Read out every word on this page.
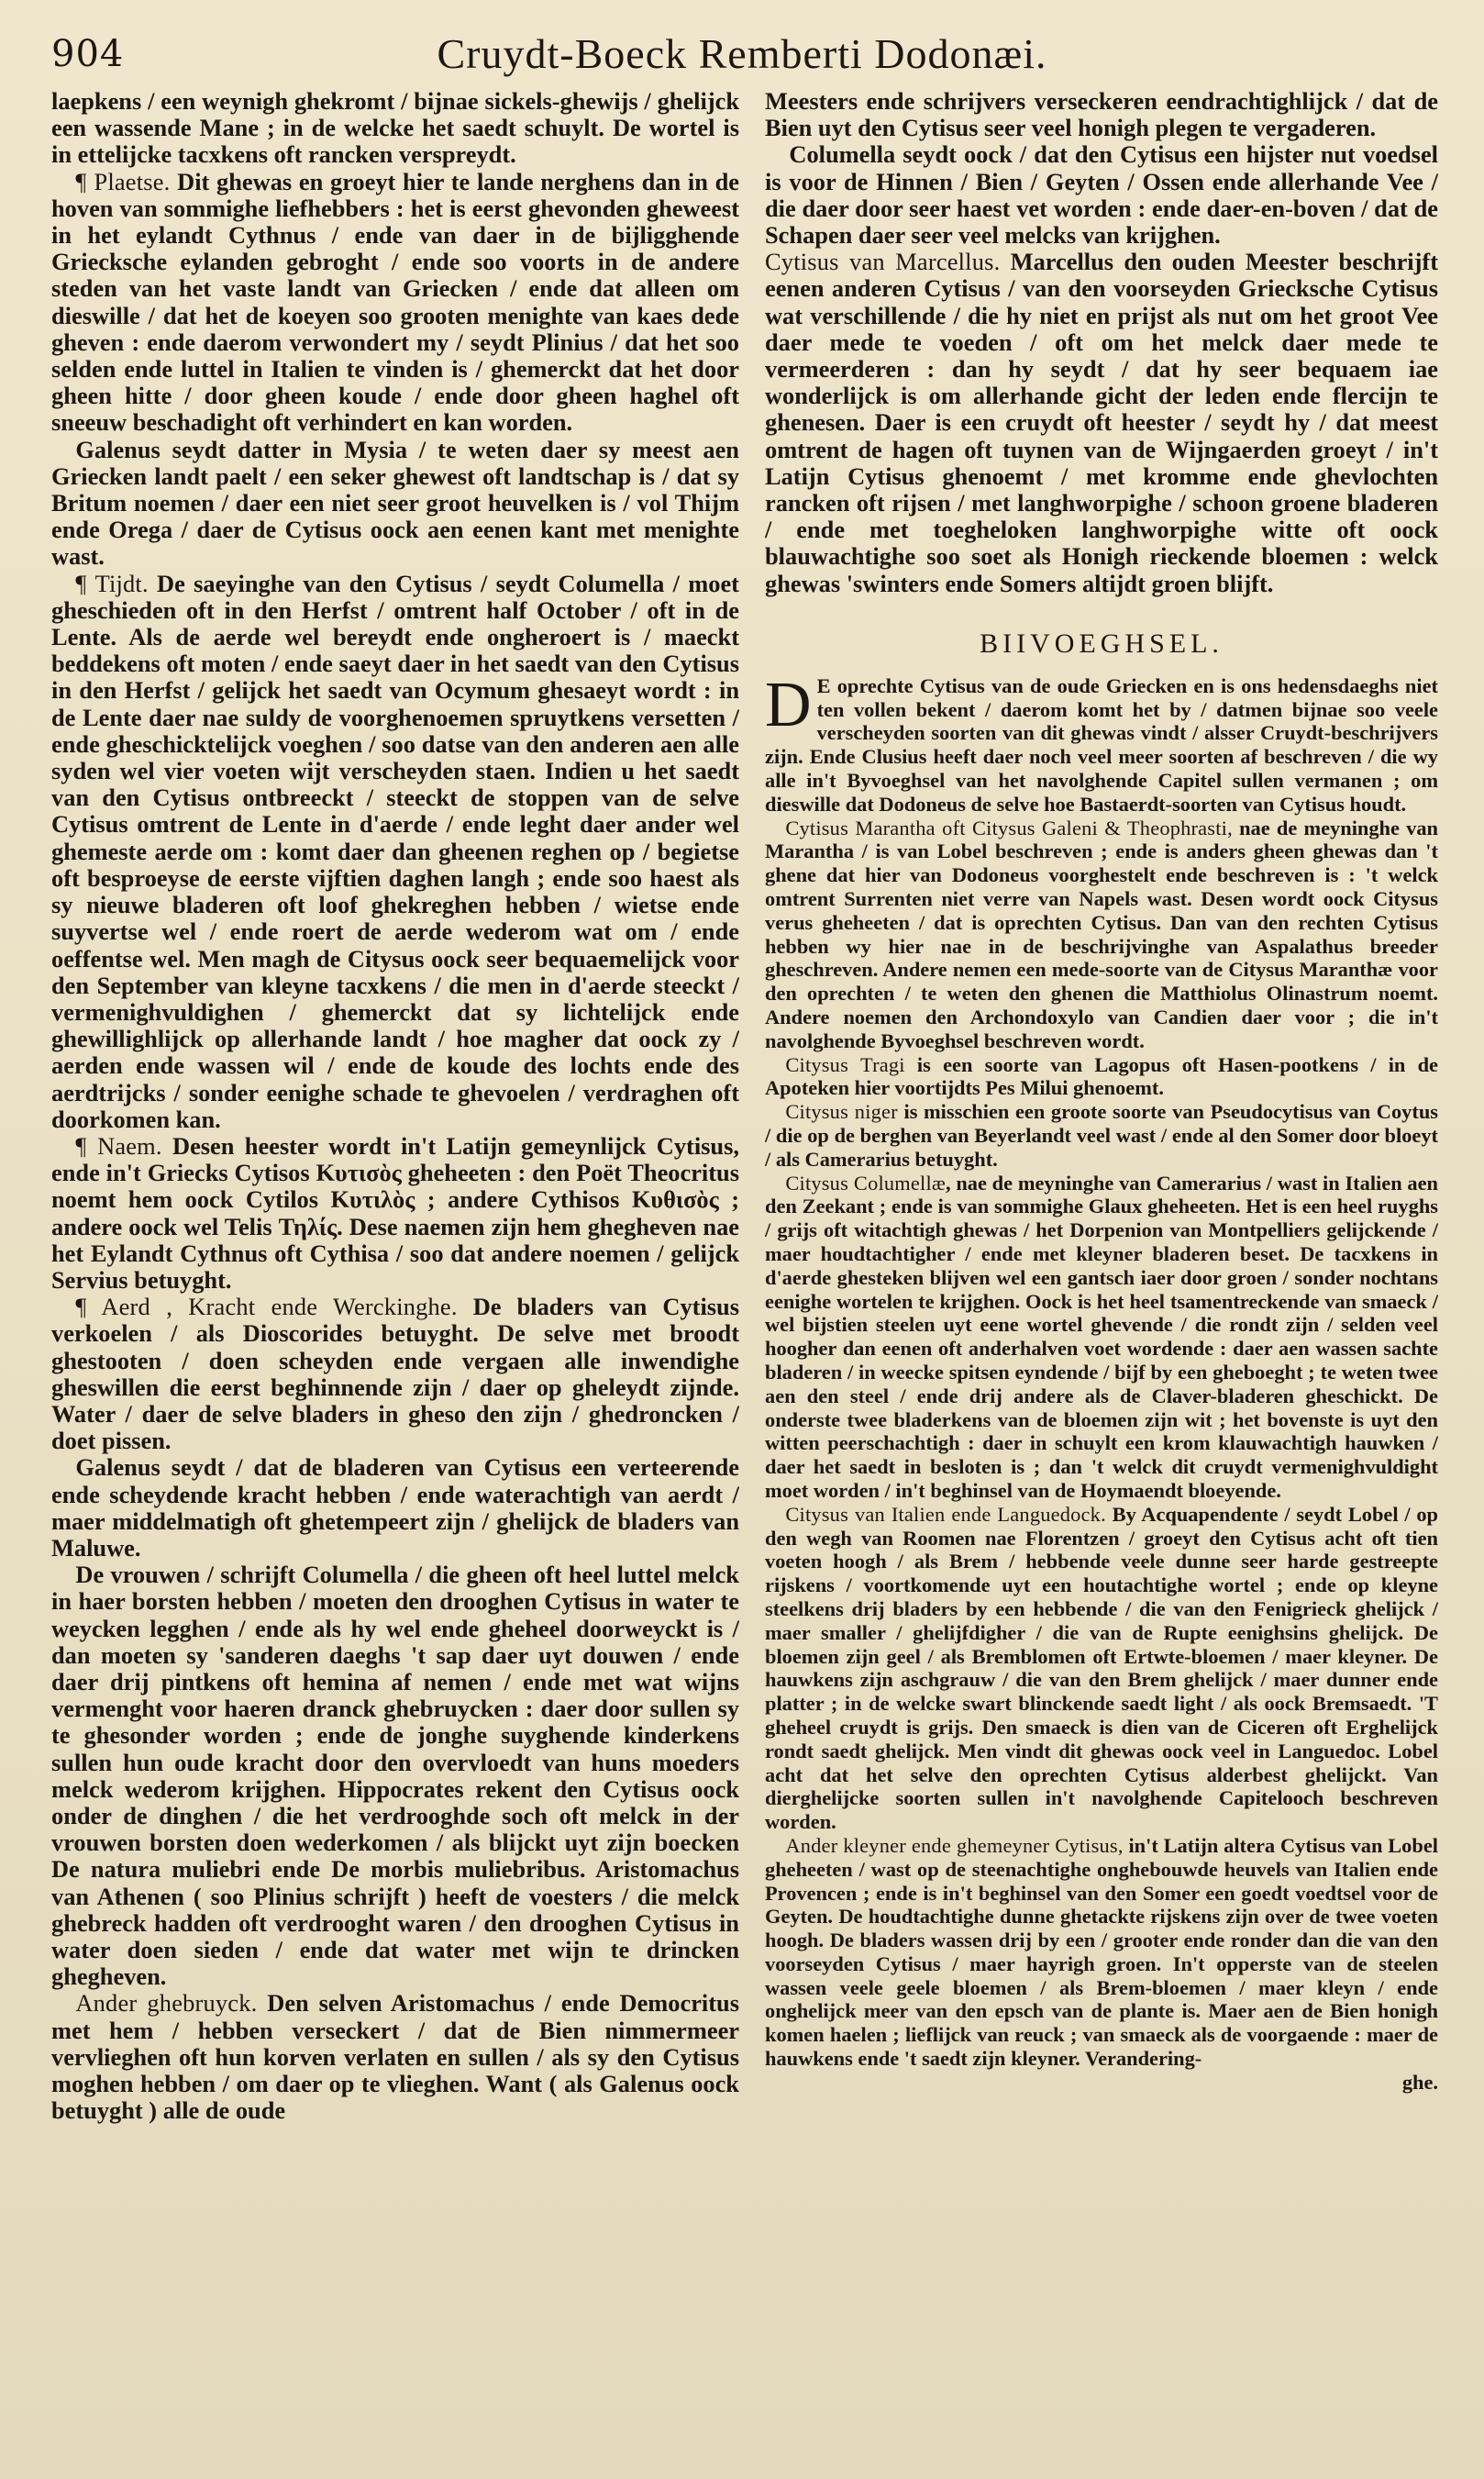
904	Cruydt-Boeck Remberti Dodonæi.

laepkens / een weynigh ghekromt / bijnae sickels-ghewijs / ghelijck een wassende Mane ; in de welcke het saedt schuylt. De wortel is in ettelijcke tacxkens oft rancken verspreydt.

 ¶ Plaetse. Dit ghewas en groeyt hier te lande nerghens dan in de hoven van sommighe liefhebbers : het is eerst ghevonden gheweest in het eylandt Cythnus / ende van daer in de bijligghende Griecksche eylanden gebroght / ende soo voorts in de andere steden van het vaste landt van Griecken / ende dat alleen om dieswille / dat het de koeyen soo grooten menighte van kaes dede gheven : ende daerom verwondert my / seydt Plinius / dat het soo selden ende luttel in Italien te vinden is / ghemerckt dat het door gheen hitte / door gheen koude / ende door gheen haghel oft sneeuw beschadight oft verhindert en kan worden.

 Galenus seydt datter in Mysia / te weten daer sy meest aen Griecken landt paelt / een seker ghewest oft landtschap is / dat sy Britum noemen / daer een niet seer groot heuvelken is / vol Thijm ende Orega / daer de Cytisus oock aen eenen kant met menighte wast.

 ¶ Tijdt. De saeyinghe van den Cytisus / seydt Columella / moet gheschieden oft in den Herfst / omtrent half October / oft in de Lente. Als de aerde wel bereydt ende ongheroert is / maeckt beddekens oft moten / ende saeyt daer in het saedt van den Cytisus in den Herfst / gelijck het saedt van Ocymum ghesaeyt wordt : in de Lente daer nae suldy de voorghenoemen spruytkens versetten / ende gheschicktelijck voeghen / soo datse van den anderen aen alle syden wel vier voeten wijt verscheyden staen. Indien u het saedt van den Cytisus ontbreeckt / steeckt de stoppen van de selve Cytisus omtrent de Lente in d'aerde / ende leght daer ander wel ghemeste aerde om : komt daer dan gheenen reghen op / begietse oft besproeyse de eerste vijftien daghen langh ; ende soo haest als sy nieuwe bladeren oft loof ghekreghen hebben / wietse ende suyvertse wel / ende roert de aerde wederom wat om / ende oeffentse wel. Men magh de Citysus oock seer bequaemelijck voor den September van kleyne tacxkens / die men in d'aerde steeckt / vermenighvuldighen / ghemerckt dat sy lichtelijck ende ghewillighlijck op allerhande landt / hoe magher dat oock zy / aerden ende wassen wil / ende de koude des lochts ende des aerdtrijcks / sonder eenighe schade te ghevoelen / verdraghen oft doorkomen kan.

 ¶ Naem. Desen heester wordt in't Latijn gemeynlijck Cytisus, ende in't Griecks Cytisos Κυτισὸς gheheeten : den Poët Theocritus noemt hem oock Cytilos Κυτιλὸς ; andere Cythisos Κυθισὸς ; andere oock wel Telis Τηλίς. Dese naemen zijn hem ghegheven nae het Eylandt Cythnus oft Cythisa / soo dat andere noemen / gelijck Servius betuyght.

 ¶ Aerd , Kracht ende Werckinghe. De bladers van Cytisus verkoelen / als Dioscorides betuyght. De selve met broodt ghestooten / doen scheyden ende vergaen alle inwendighe gheswillen die eerst beghinnende zijn / daer op gheleydt zijnde. Water / daer de selve bladers in gheso den zijn / ghedroncken / doet pissen.

 Galenus seydt / dat de bladeren van Cytisus een verteerende ende scheydende kracht hebben / ende waterachtigh van aerdt / maer middelmatigh oft ghetempeert zijn / ghelijck de bladers van Maluwe.

 De vrouwen / schrijft Columella / die gheen oft heel luttel melck in haer borsten hebben / moeten den drooghen Cytisus in water te weycken legghen / ende als hy wel ende gheheel doorweyckt is / dan moeten sy 'sanderen daeghs 't sap daer uyt douwen / ende daer drij pintkens oft hemina af nemen / ende met wat wijns vermenght voor haeren dranck ghebruycken : daer door sullen sy te ghesonder worden ; ende de jonghe suyghende kinderkens sullen hun oude kracht door den overvloedt van huns moeders melck wederom krijghen. Hippocrates rekent den Cytisus oock onder de dinghen / die het verdrooghde soch oft melck in der vrouwen borsten doen wederkomen / als blijckt uyt zijn boecken De natura muliebri ende De morbis muliebribus. Aristomachus van Athenen ( soo Plinius schrijft ) heeft de voesters / die melck ghebreck hadden oft verdrooght waren / den drooghen Cytisus in water doen sieden / ende dat water met wijn te drincken ghegheven.

 Ander ghebruyck. Den selven Aristomachus / ende Democritus met hem / hebben verseckert / dat de Bien nimmermeer vervlieghen oft hun korven verlaten en sullen / als sy den Cytisus moghen hebben / om daer op te vlieghen. Want ( als Galenus oock betuyght ) alle de oude

Meesters ende schrijvers verseckeren eendrachtighlijck / dat de Bien uyt den Cytisus seer veel honigh plegen te vergaderen.

 Columella seydt oock / dat den Cytisus een hijster nut voedsel is voor de Hinnen / Bien / Geyten / Ossen ende allerhande Vee / die daer door seer haest vet worden : ende daer-en-boven / dat de Schapen daer seer veel melcks van krijghen.

Cytisus van Marcellus. Marcellus den ouden Meester beschrijft eenen anderen Cytisus / van den voorseyden Griecksche Cytisus wat verschillende / die hy niet en prijst als nut om het groot Vee daer mede te voeden / oft om het melck daer mede te vermeerderen : dan hy seydt / dat hy seer bequaem iae wonderlijck is om allerhande gicht der leden ende flercijn te ghenesen. Daer is een cruydt oft heester / seydt hy / dat meest omtrent de hagen oft tuynen van de Wijngaerden groeyt / in't Latijn Cytisus ghenoemt / met kromme ende ghevlochten rancken oft rijsen / met langhworpighe / schoon groene bladeren / ende met toegheloken langhworpighe witte oft oock blauwachtighe soo soet als Honigh rieckende bloemen : welck ghewas 'swinters ende Somers altijdt groen blijft.

BIIVOEGHSEL.

D E oprechte Cytisus van de oude Griecken en is ons hedensdaeghs niet ten vollen bekent / daerom komt het by / datmen bijnae soo veele verscheyden soorten van dit ghewas vindt / alsser Cruydt-beschrijvers zijn. Ende Clusius heeft daer noch veel meer soorten af beschreven / die wy alle in't Byvoeghsel van het navolghende Capitel sullen vermanen ; om dieswille dat Dodoneus de selve hoe Bastaerdt-soorten van Cytisus houdt.

 Cytisus Marantha oft Citysus Galeni & Theophrasti, nae de meyninghe van Marantha / is van Lobel beschreven ; ende is anders gheen ghewas dan 't ghene dat hier van Dodoneus voorghestelt ende beschreven is : 't welck omtrent Surrenten niet verre van Napels wast. Desen wordt oock Citysus verus gheheeten / dat is oprechten Cytisus. Dan van den rechten Cytisus hebben wy hier nae in de beschrijvinghe van Aspalathus breeder gheschreven. Andere nemen een mede-soorte van de Citysus Maranthæ voor den oprechten / te weten den ghenen die Matthiolus Olinastrum noemt. Andere noemen den Archondoxylo van Candien daer voor ; die in't navolghende Byvoeghsel beschreven wordt.

 Citysus Tragi is een soorte van Lagopus oft Hasen-pootkens / in de Apoteken hier voortijdts Pes Milui ghenoemt.

 Citysus niger is misschien een groote soorte van Pseudocytisus van Coytus / die op de berghen van Beyerlandt veel wast / ende al den Somer door bloeyt / als Camerarius betuyght.

 Citysus Columellæ, nae de meyninghe van Camerarius / wast in Italien aen den Zeekant ; ende is van sommighe Glaux gheheeten. Het is een heel ruyghs / grijs oft witachtigh ghewas / het Dorpenion van Montpelliers gelijckende / maer houdtachtigher / ende met kleyner bladeren beset. De tacxkens in d'aerde ghesteken blijven wel een gantsch iaer door groen / sonder nochtans eenighe wortelen te krijghen. Oock is het heel tsamentreckende van smaeck / wel bijstien steelen uyt eene wortel ghevende / die rondt zijn / selden veel hoogher dan eenen oft anderhalven voet wordende : daer aen wassen sachte bladeren / in weecke spitsen eyndende / bijf by een gheboeght ; te weten twee aen den steel / ende drij andere als de Claver-bladeren gheschickt. De onderste twee bladerkens van de bloemen zijn wit ; het bovenste is uyt den witten peerschachtigh : daer in schuylt een krom klauwachtigh hauwken / daer het saedt in besloten is ; dan 't welck dit cruydt vermenighvuldight moet worden / in't beghinsel van de Hoymaendt bloeyende.

 Citysus van Italien ende Languedock. By Acquapendente / seydt Lobel / op den wegh van Roomen nae Florentzen / groeyt den Cytisus acht oft tien voeten hoogh / als Brem / hebbende veele dunne seer harde gestreepte rijskens / voortkomende uyt een houtachtighe wortel ; ende op kleyne steelkens drij bladers by een hebbende / die van den Fenigrieck ghelijck / maer smaller / ghelijfdigher / die van de Rupte eenighsins ghelijck. De bloemen zijn geel / als Bremblomen oft Ertwte-bloemen / maer kleyner. De hauwkens zijn aschgrauw / die van den Brem ghelijck / maer dunner ende platter ; in de welcke swart blinckende saedt light / als oock Bremsaedt. 'T gheheel cruydt is grijs. Den smaeck is dien van de Ciceren oft Erghelijck rondt saedt ghelijck. Men vindt dit ghewas oock veel in Languedoc. Lobel acht dat het selve den oprechten Cytisus alderbest ghelijckt. Van dierghelijcke soorten sullen in't navolghende Capitelooch beschreven worden.

 Ander kleyner ende ghemeyner Cytisus, in't Latijn altera Cytisus van Lobel gheheeten / wast op de steenachtighe onghebouwde heuvels van Italien ende Provencen ; ende is in't beghinsel van den Somer een goedt voedtsel voor de Geyten. De houdtachtighe dunne ghetackte rijskens zijn over de twee voeten hoogh. De bladers wassen drij by een / grooter ende ronder dan die van den voorseyden Cytisus / maer hayrigh groen. In't opperste van de steelen wassen veele geele bloemen / als Brem-bloemen / maer kleyn / ende onghelijck meer van den epsch van de plante is. Maer aen de Bien honigh komen haelen ; lieflijck van reuck ; van smaeck als de voorgaende : maer de hauwkens ende 't saedt zijn kleyner. Verandering-

ghe.
